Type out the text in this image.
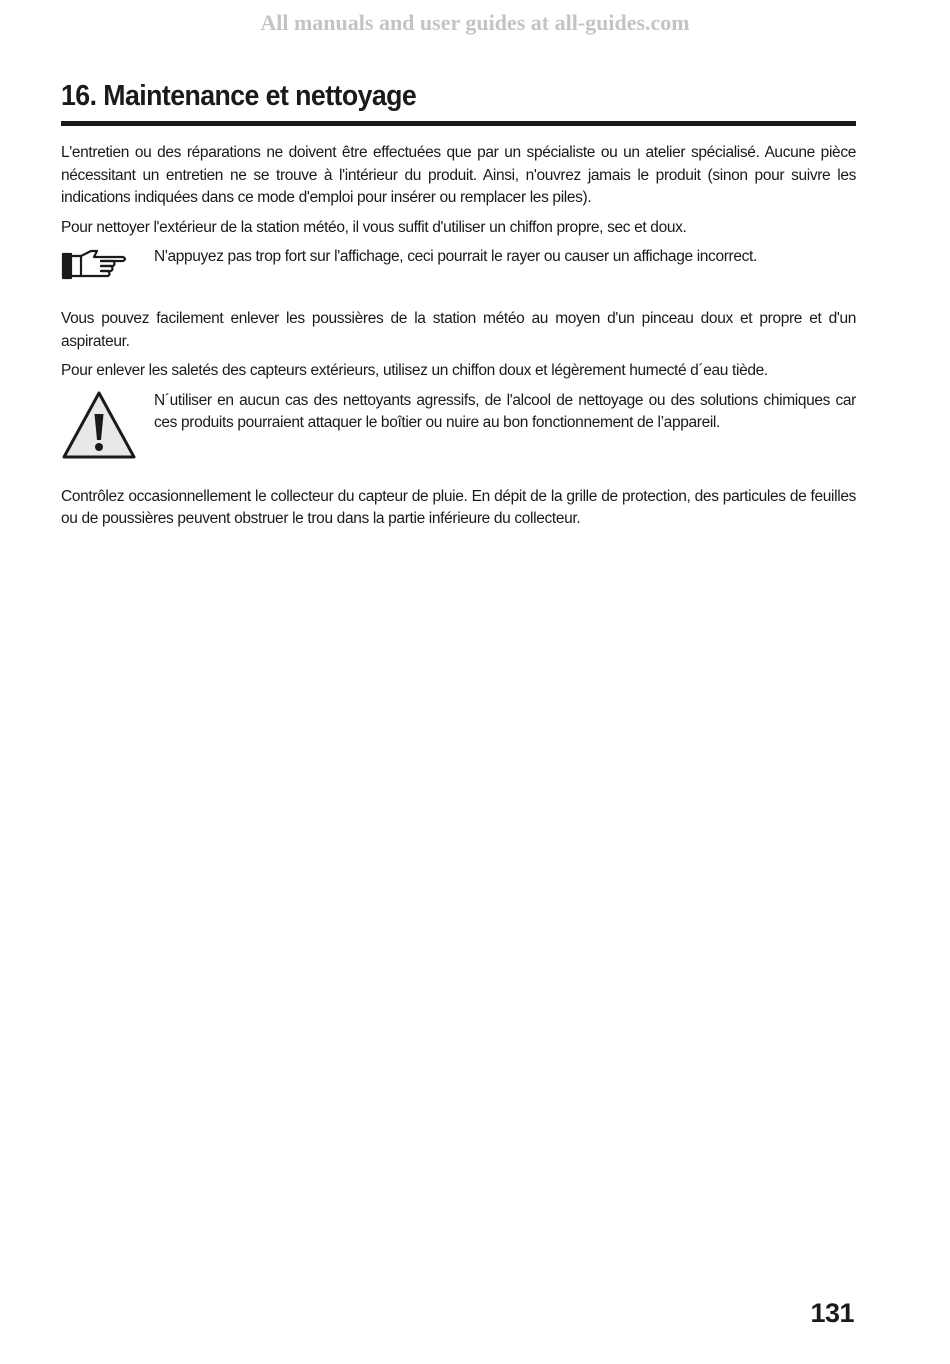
All manuals and user guides at all-guides.com
16. Maintenance et nettoyage

L'entretien ou des réparations ne doivent être effectuées que par un spécialiste ou un atelier spécialisé. Aucune pièce nécessitant un entretien ne se trouve à l'intérieur du produit. Ainsi, n'ouvrez jamais le produit (sinon pour suivre les indications indiquées dans ce mode d'emploi pour insérer ou remplacer les piles).

Pour nettoyer l'extérieur de la station météo, il vous suffit d'utiliser un chiffon propre, sec et doux.

N'appuyez pas trop fort sur l'affichage, ceci pourrait le rayer ou causer un affichage incorrect.

Vous pouvez facilement enlever les poussières de la station météo au moyen d'un pinceau doux et propre et d'un aspirateur.

Pour enlever les saletés des capteurs extérieurs, utilisez un chiffon doux et légèrement humecté d´eau tiède.

N´utiliser en aucun cas des nettoyants agressifs, de l'alcool de nettoyage ou des solutions chimiques car ces produits pourraient attaquer le boîtier ou nuire au bon fonctionnement de l’appareil.

Contrôlez occasionnellement le collecteur du capteur de pluie. En dépit de la grille de protection, des particules de feuilles ou de poussières peuvent obstruer le trou dans la partie inférieure du collecteur.

131
